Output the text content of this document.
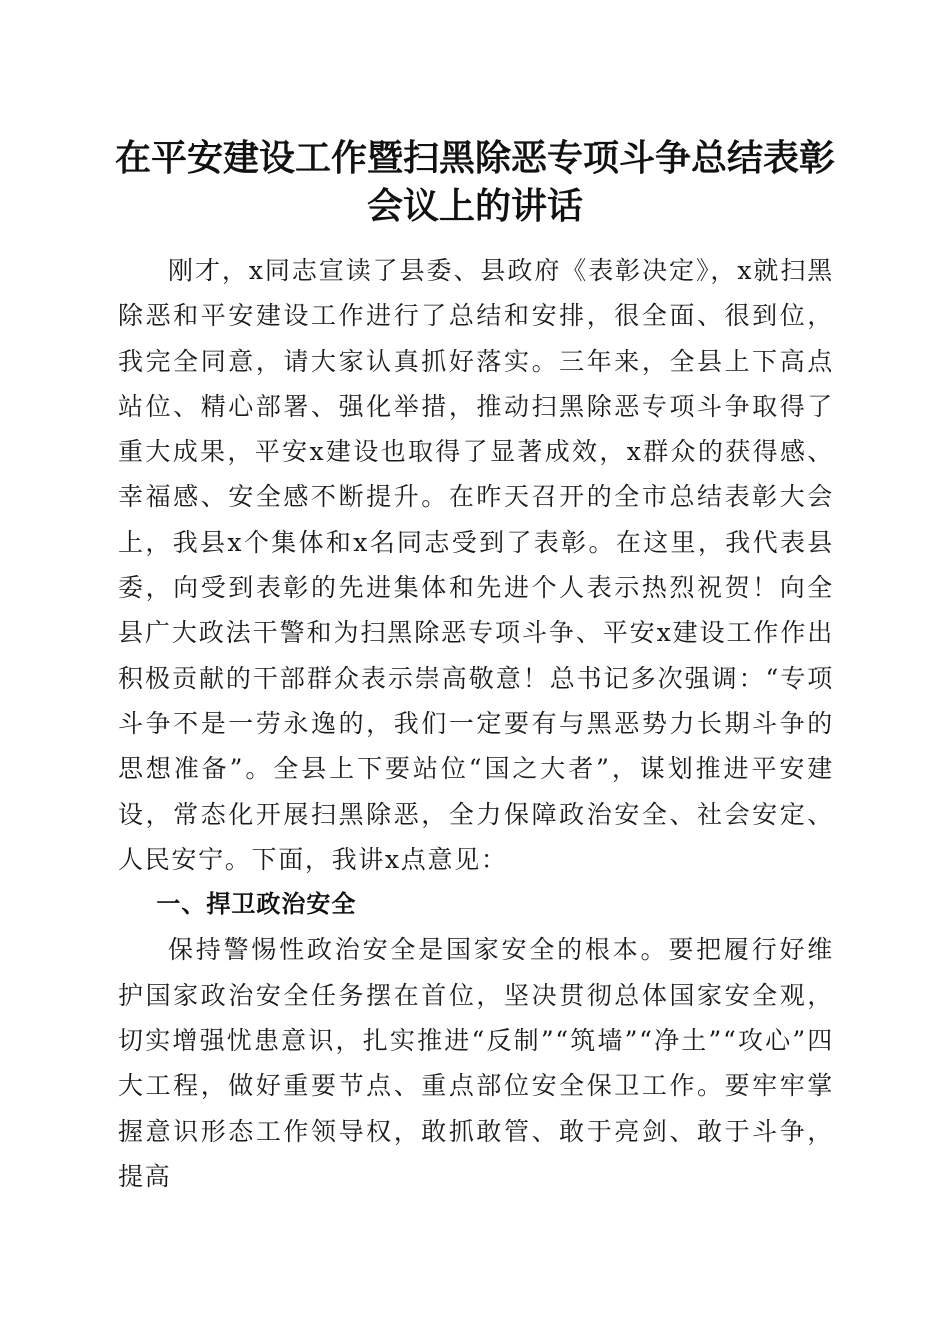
在平安建设工作暨扫黑除恶专项斗争总结表彰
会议上的讲话

刚才，x同志宣读了县委、县政府《表彰决定》，x就扫黑除恶和平安建设工作进行了总结和安排，很全面、很到位，我完全同意，请大家认真抓好落实。三年来，全县上下高点站位、精心部署、强化举措，推动扫黑除恶专项斗争取得了重大成果，平安x建设也取得了显著成效，x群众的获得感、幸福感、安全感不断提升。在昨天召开的全市总结表彰大会上，我县x个集体和x名同志受到了表彰。在这里，我代表县委，向受到表彰的先进集体和先进个人表示热烈祝贺！向全县广大政法干警和为扫黑除恶专项斗争、平安x建设工作作出积极贡献的干部群众表示崇高敬意！总书记多次强调：“专项斗争不是一劳永逸的，我们一定要有与黑恶势力长期斗争的思想准备”。全县上下要站位“国之大者”，谋划推进平安建设，常态化开展扫黑除恶，全力保障政治安全、社会安定、人民安宁。下面，我讲x点意见：

一、捍卫政治安全

保持警惕性政治安全是国家安全的根本。要把履行好维护国家政治安全任务摆在首位，坚决贯彻总体国家安全观，切实增强忧患意识，扎实推进“反制”“筑墙”“净土”“攻心”四大工程，做好重要节点、重点部位安全保卫工作。要牢牢掌握意识形态工作领导权，敢抓敢管、敢于亮剑、敢于斗争，提高
